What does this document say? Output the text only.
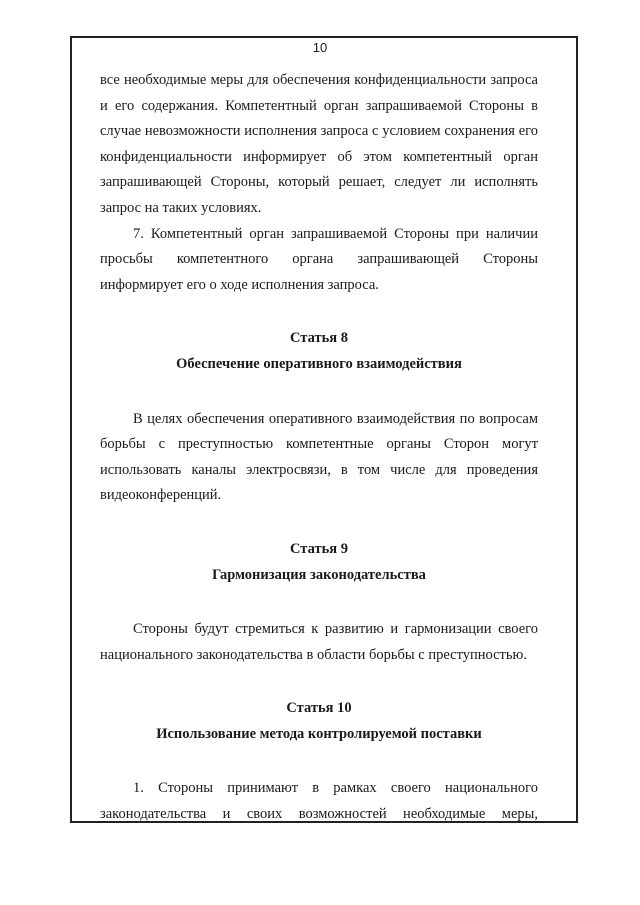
10
все необходимые меры для обеспечения конфиденциальности запроса
и его содержания. Компетентный орган запрашиваемой Стороны в
случае невозможности исполнения запроса с условием сохранения его
конфиденциальности информирует об этом компетентный орган
запрашивающей Стороны, который решает, следует ли исполнять
запрос на таких условиях.
7. Компетентный орган запрашиваемой Стороны при наличии
просьбы компетентного органа запрашивающей Стороны
информирует его о ходе исполнения запроса.
Статья 8
Обеспечение оперативного взаимодействия
В целях обеспечения оперативного взаимодействия по вопросам
борьбы с преступностью компетентные органы Сторон могут
использовать каналы электросвязи, в том числе для проведения
видеоконференций.
Статья 9
Гармонизация законодательства
Стороны будут стремиться к развитию и гармонизации своего
национального законодательства в области борьбы с преступностью.
Статья 10
Использование метода контролируемой поставки
1. Стороны принимают в рамках своего национального
законодательства и своих возможностей необходимые меры,
